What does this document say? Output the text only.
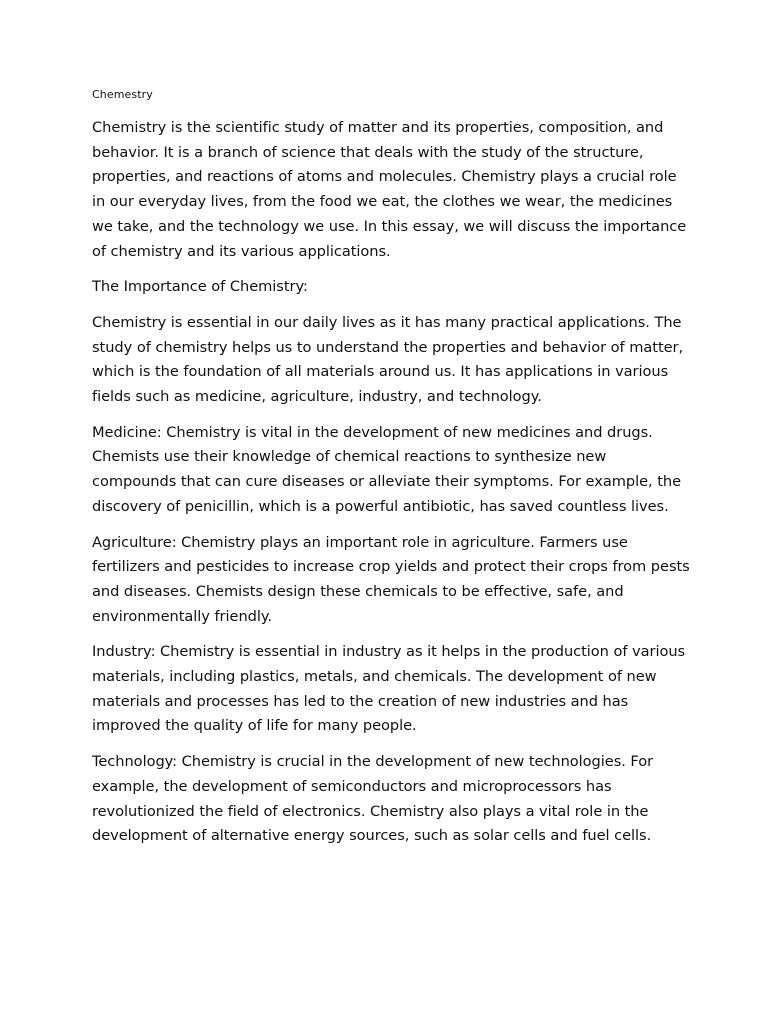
Chemestry

Chemistry is the scientific study of matter and its properties, composition, and behavior. It is a branch of science that deals with the study of the structure, properties, and reactions of atoms and molecules. Chemistry plays a crucial role in our everyday lives, from the food we eat, the clothes we wear, the medicines we take, and the technology we use. In this essay, we will discuss the importance of chemistry and its various applications.

The Importance of Chemistry:

Chemistry is essential in our daily lives as it has many practical applications. The study of chemistry helps us to understand the properties and behavior of matter, which is the foundation of all materials around us. It has applications in various fields such as medicine, agriculture, industry, and technology.

Medicine: Chemistry is vital in the development of new medicines and drugs. Chemists use their knowledge of chemical reactions to synthesize new compounds that can cure diseases or alleviate their symptoms. For example, the discovery of penicillin, which is a powerful antibiotic, has saved countless lives.

Agriculture: Chemistry plays an important role in agriculture. Farmers use fertilizers and pesticides to increase crop yields and protect their crops from pests and diseases. Chemists design these chemicals to be effective, safe, and environmentally friendly.

Industry: Chemistry is essential in industry as it helps in the production of various materials, including plastics, metals, and chemicals. The development of new materials and processes has led to the creation of new industries and has improved the quality of life for many people.

Technology: Chemistry is crucial in the development of new technologies. For example, the development of semiconductors and microprocessors has revolutionized the field of electronics. Chemistry also plays a vital role in the development of alternative energy sources, such as solar cells and fuel cells.
